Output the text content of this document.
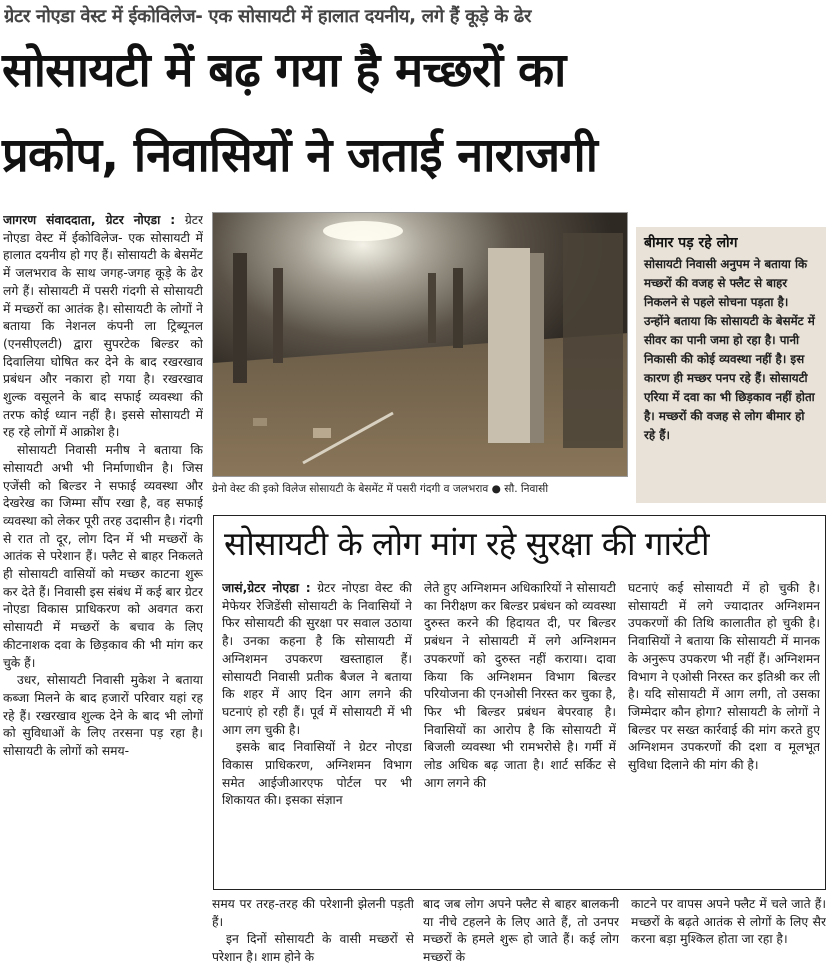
ग्रेटर नोएडा वेस्ट में ईकोविलेज- एक सोसायटी में हालात दयनीय, लगे हैं कूड़े के ढेर
सोसायटी में बढ़ गया है मच्छरों का
प्रकोप, निवासियों ने जताई नाराजगी

जागरण संवाददाता, ग्रेटर नोएडा : ग्रेटर नोएडा वेस्ट में ईकोविलेज- एक सोसायटी में हालात दयनीय हो गए हैं। सोसायटी के बेसमेंट में जलभराव के साथ जगह-जगह कूड़े के ढेर लगे हैं। सोसायटी में पसरी गंदगी से सोसायटी में मच्छरों का आतंक है। सोसायटी के लोगों ने बताया कि नेशनल कंपनी ला ट्रिब्यूनल (एनसीएलटी) द्वारा सुपरटेक बिल्डर को दिवालिया घोषित कर देने के बाद रखरखाव प्रबंधन और नकारा हो गया है। रखरखाव शुल्क वसूलने के बाद सफाई व्यवस्था की तरफ कोई ध्यान नहीं है। इससे सोसायटी में रह रहे लोगों में आक्रोश है।

सोसायटी निवासी मनीष ने बताया कि सोसायटी अभी भी निर्माणाधीन है। जिस एजेंसी को बिल्डर ने सफाई व्यवस्था और देखरेख का जिम्मा सौंप रखा है, वह सफाई व्यवस्था को लेकर पूरी तरह उदासीन है। गंदगी से रात तो दूर, लोग दिन में भी मच्छरों के आतंक से परेशान हैं। फ्लैट से बाहर निकलते ही सोसायटी वासियों को मच्छर काटना शुरू कर देते हैं। निवासी इस संबंध में कई बार ग्रेटर नोएडा विकास प्राधिकरण को अवगत करा सोसायटी में मच्छरों के बचाव के लिए कीटनाशक दवा के छिड़काव की भी मांग कर चुके हैं।

उधर, सोसायटी निवासी मुकेश ने बताया कब्जा मिलने के बाद हजारों परिवार यहां रह रहे हैं। रखरखाव शुल्क देने के बाद भी लोगों को सुविधाओं के लिए तरसना पड़ रहा है। सोसायटी के लोगों को समय-

ग्रेनो वेस्ट की इको विलेज सोसायटी के बेसमेंट में पसरी गंदगी व जलभराव ● सौ. निवासी
बीमार पड़ रहे लोग
सोसायटी निवासी अनुपम ने बताया कि मच्छरों की वजह से फ्लैट से बाहर निकलने से पहले सोचना पड़ता है। उन्होंने बताया कि सोसायटी के बेसमेंट में सीवर का पानी जमा हो रहा है। पानी निकासी की कोई व्यवस्था नहीं है। इस कारण ही मच्छर पनप रहे हैं। सोसायटी एरिया में दवा का भी छिड़काव नहीं होता है। मच्छरों की वजह से लोग बीमार हो रहे हैं।
सोसायटी के लोग मांग रहे सुरक्षा की गारंटी

जासं,ग्रेटर नोएडा : ग्रेटर नोएडा वेस्ट की मेफेयर रेजिडेंसी सोसायटी के निवासियों ने फिर सोसायटी की सुरक्षा पर सवाल उठाया है। उनका कहना है कि सोसायटी में अग्निशमन उपकरण खस्ताहाल हैं। सोसायटी निवासी प्रतीक बैजल ने बताया कि शहर में आए दिन आग लगने की घटनाएं हो रही हैं। पूर्व में सोसायटी में भी आग लग चुकी है।

इसके बाद निवासियों ने ग्रेटर नोएडा विकास प्राधिकरण, अग्निशमन विभाग समेत आईजीआरएफ पोर्टल पर भी शिकायत की। इसका संज्ञान

लेते हुए अग्निशमन अधिकारियों ने सोसायटी का निरीक्षण कर बिल्डर प्रबंधन को व्यवस्था दुरुस्त करने की हिदायत दी, पर बिल्डर प्रबंधन ने सोसायटी में लगे अग्निशमन उपकरणों को दुरुस्त नहीं कराया। दावा किया कि अग्निशमन विभाग बिल्डर परियोजना की एनओसी निरस्त कर चुका है, फिर भी बिल्डर प्रबंधन बेपरवाह है। निवासियों का आरोप है कि सोसायटी में बिजली व्यवस्था भी रामभरोसे है। गर्मी में लोड अधिक बढ़ जाता है। शार्ट सर्किट से आग लगने की

घटनाएं कई सोसायटी में हो चुकी है। सोसायटी में लगे ज्यादातर अग्निशमन उपकरणों की तिथि कालातीत हो चुकी है। निवासियों ने बताया कि सोसायटी में मानक के अनुरूप उपकरण भी नहीं हैं। अग्निशमन विभाग ने एओसी निरस्त कर इतिश्री कर ली है। यदि सोसायटी में आग लगी, तो उसका जिम्मेदार कौन होगा? सोसायटी के लोगों ने बिल्डर पर सख्त कार्रवाई की मांग करते हुए अग्निशमन उपकरणों की दशा व मूलभूत सुविधा दिलाने की मांग की है।

समय पर तरह-तरह की परेशानी झेलनी पड़ती हैं।

इन दिनों सोसायटी के वासी मच्छरों से परेशान है। शाम होने के

बाद जब लोग अपने फ्लैट से बाहर बालकनी या नीचे टहलने के लिए आते हैं, तो उनपर मच्छरों के हमले शुरू हो जाते हैं। कई लोग मच्छरों के

काटने पर वापस अपने फ्लैट में चले जाते हैं। मच्छरों के बढ़ते आतंक से लोगों के लिए सैर करना बड़ा मुश्किल होता जा रहा है।
